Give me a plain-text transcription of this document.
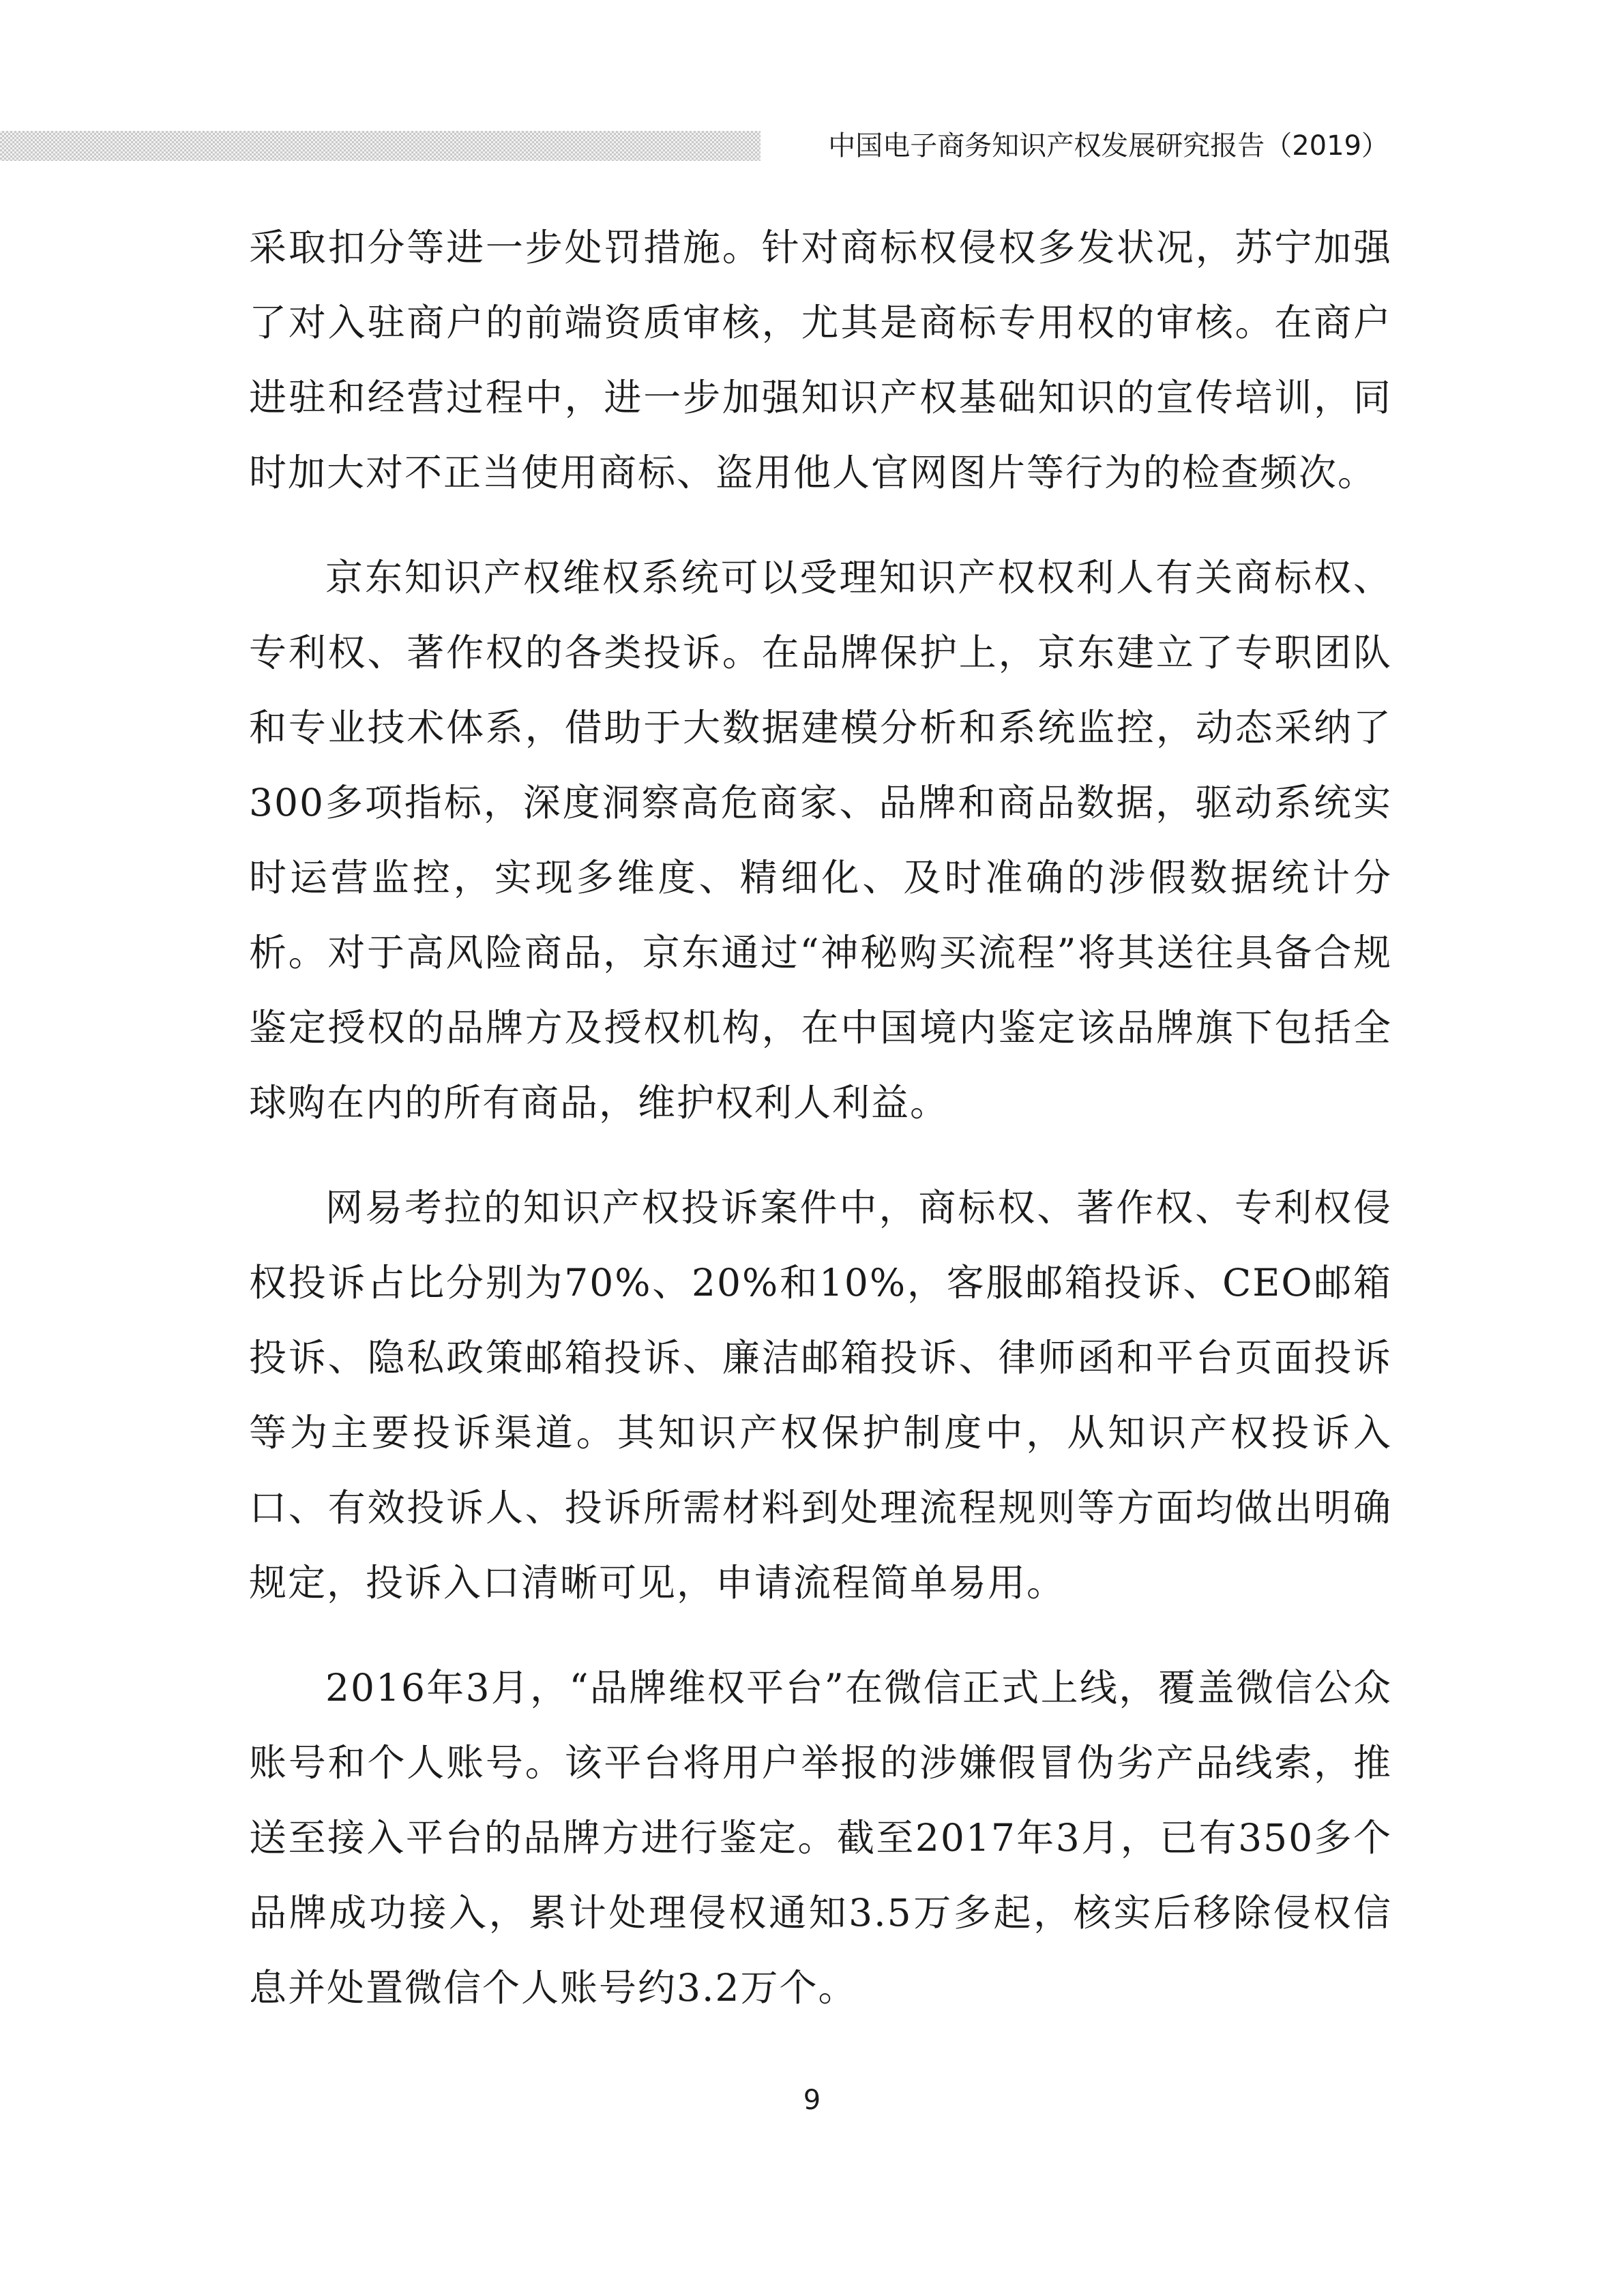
中国电子商务知识产权发展研究报告（2019）

采取扣分等进一步处罚措施。针对商标权侵权多发状况，苏宁加强了对入驻商户的前端资质审核，尤其是商标专用权的审核。在商户进驻和经营过程中，进一步加强知识产权基础知识的宣传培训，同时加大对不正当使用商标、盗用他人官网图片等行为的检查频次。

京东知识产权维权系统可以受理知识产权权利人有关商标权、专利权、著作权的各类投诉。在品牌保护上，京东建立了专职团队和专业技术体系，借助于大数据建模分析和系统监控，动态采纳了300多项指标，深度洞察高危商家、品牌和商品数据，驱动系统实时运营监控，实现多维度、精细化、及时准确的涉假数据统计分析。对于高风险商品，京东通过“神秘购买流程”将其送往具备合规鉴定授权的品牌方及授权机构，在中国境内鉴定该品牌旗下包括全球购在内的所有商品，维护权利人利益。

网易考拉的知识产权投诉案件中，商标权、著作权、专利权侵权投诉占比分别为70%、20%和10%，客服邮箱投诉、CEO邮箱投诉、隐私政策邮箱投诉、廉洁邮箱投诉、律师函和平台页面投诉等为主要投诉渠道。其知识产权保护制度中，从知识产权投诉入口、有效投诉人、投诉所需材料到处理流程规则等方面均做出明确规定，投诉入口清晰可见，申请流程简单易用。

2016年3月，“品牌维权平台”在微信正式上线，覆盖微信公众账号和个人账号。该平台将用户举报的涉嫌假冒伪劣产品线索，推送至接入平台的品牌方进行鉴定。截至2017年3月，已有350多个品牌成功接入，累计处理侵权通知3.5万多起，核实后移除侵权信息并处置微信个人账号约3.2万个。

9
